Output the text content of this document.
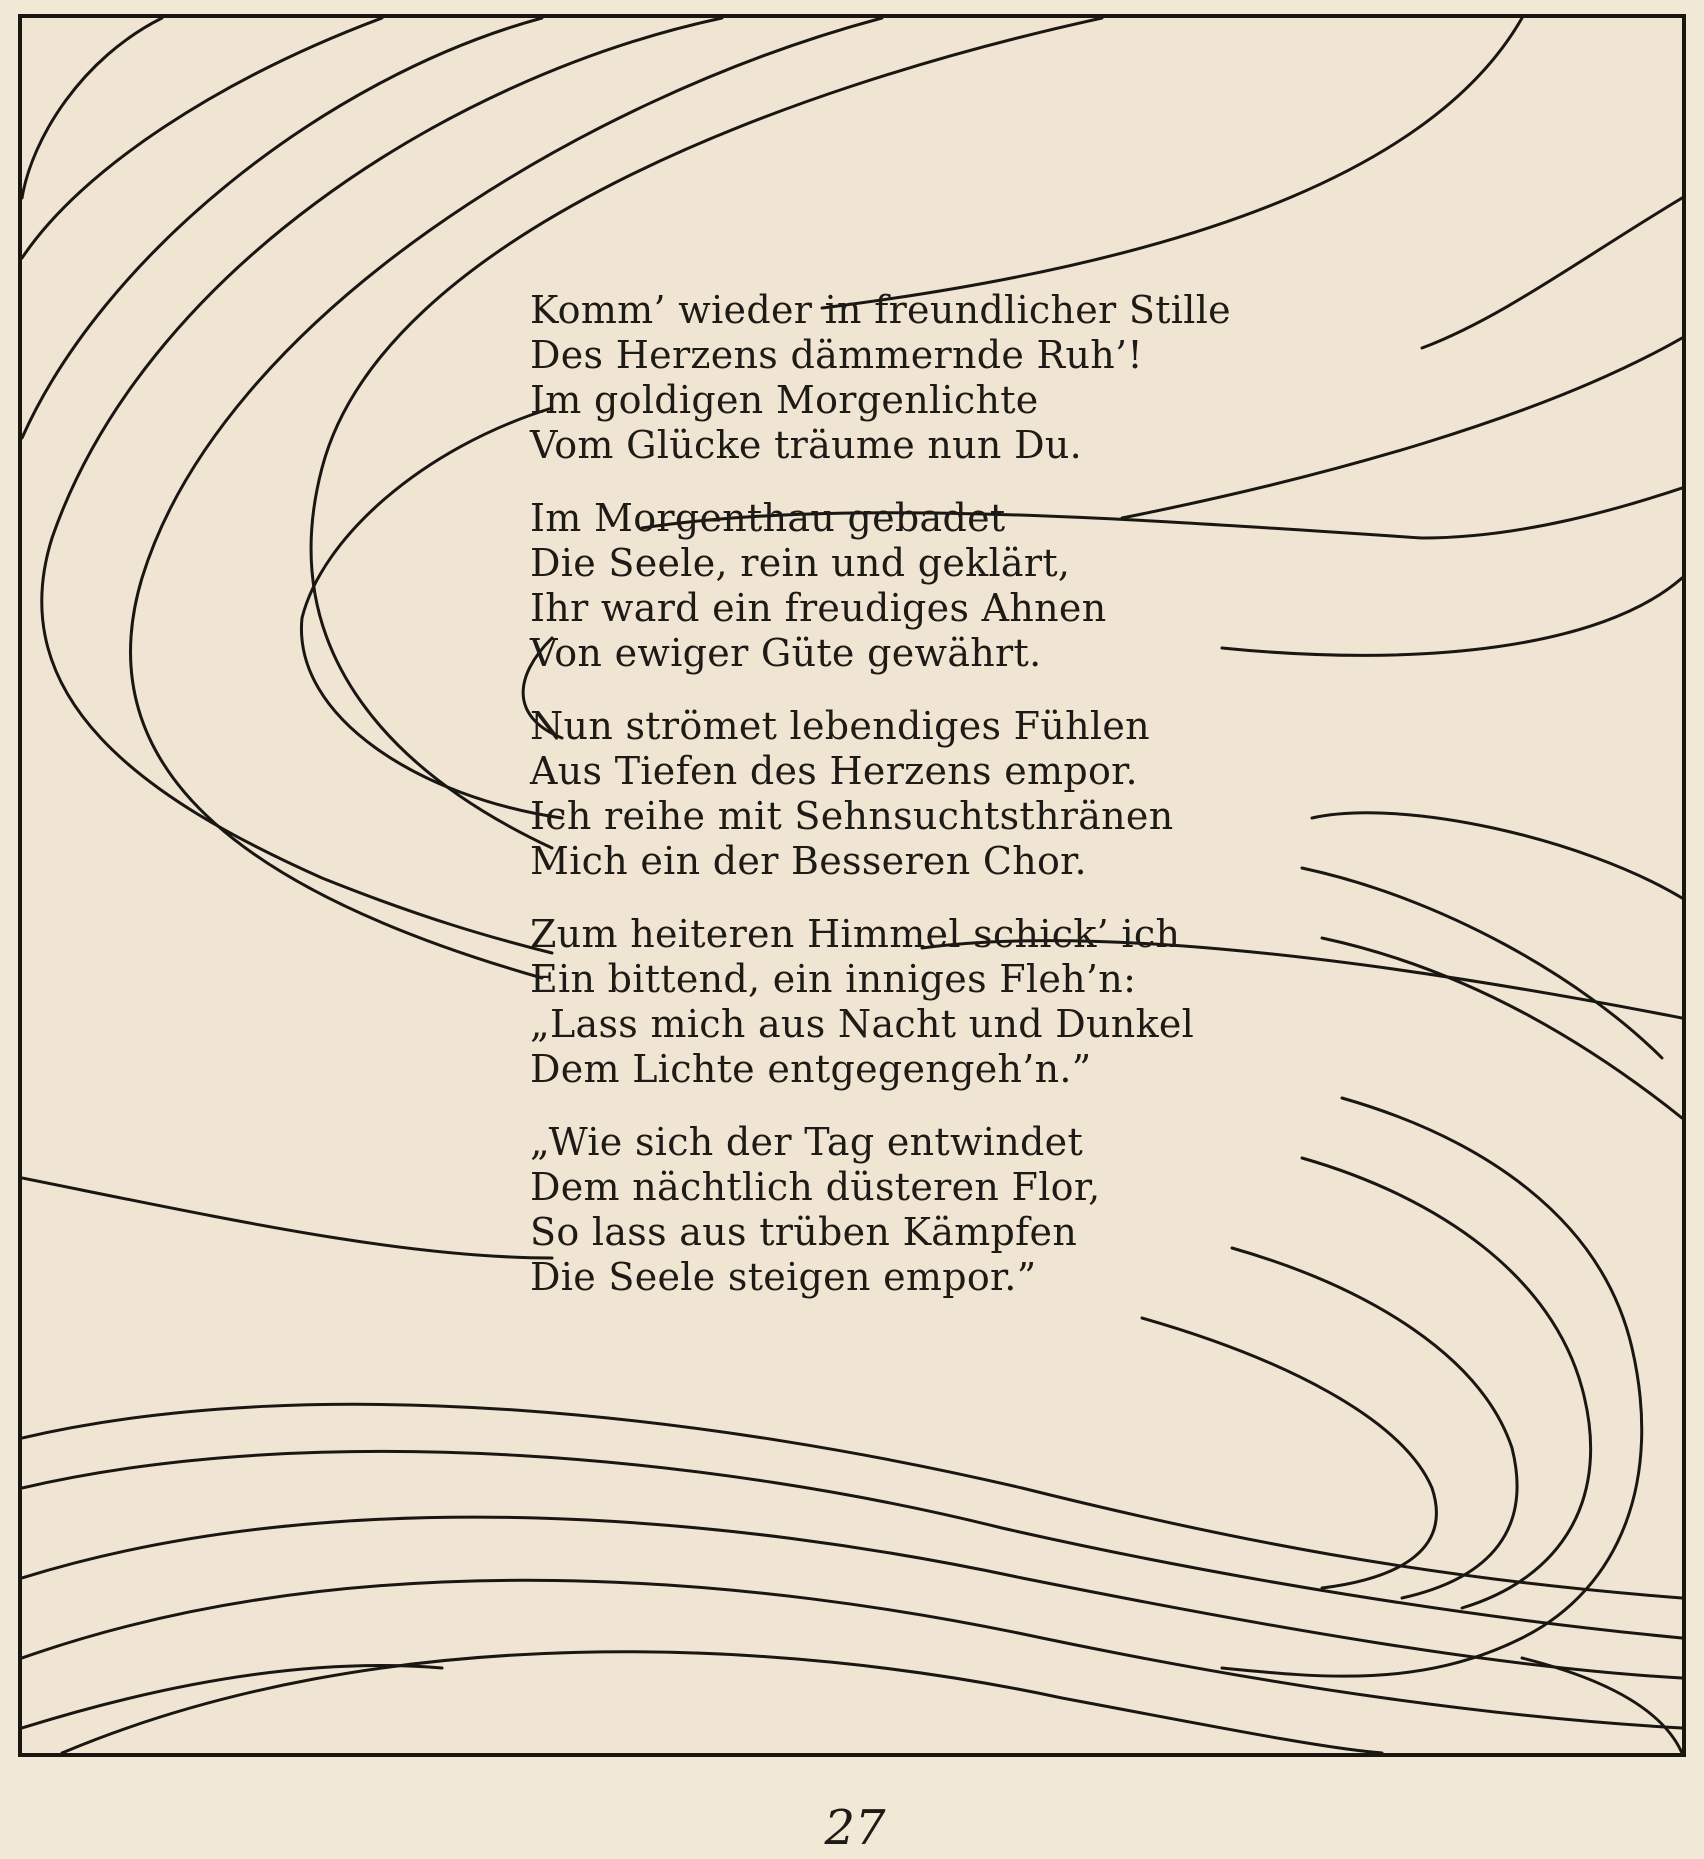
Komm’ wieder in freundlicher Stille
Des Herzens dämmernde Ruh’!
Im goldigen Morgenlichte
Vom Glücke träume nun Du.
Im Morgenthau gebadet
Die Seele, rein und geklärt,
Ihr ward ein freudiges Ahnen
Von ewiger Güte gewährt.
Nun strömet lebendiges Fühlen
Aus Tiefen des Herzens empor.
Ich reihe mit Sehnsuchtsthränen
Mich ein der Besseren Chor.
Zum heiteren Himmel schick’ ich
Ein bittend, ein inniges Fleh’n:
„Lass mich aus Nacht und Dunkel
Dem Lichte entgegengeh’n.”
„Wie sich der Tag entwindet
Dem nächtlich düsteren Flor,
So lass aus trüben Kämpfen
Die Seele steigen empor.”
27
